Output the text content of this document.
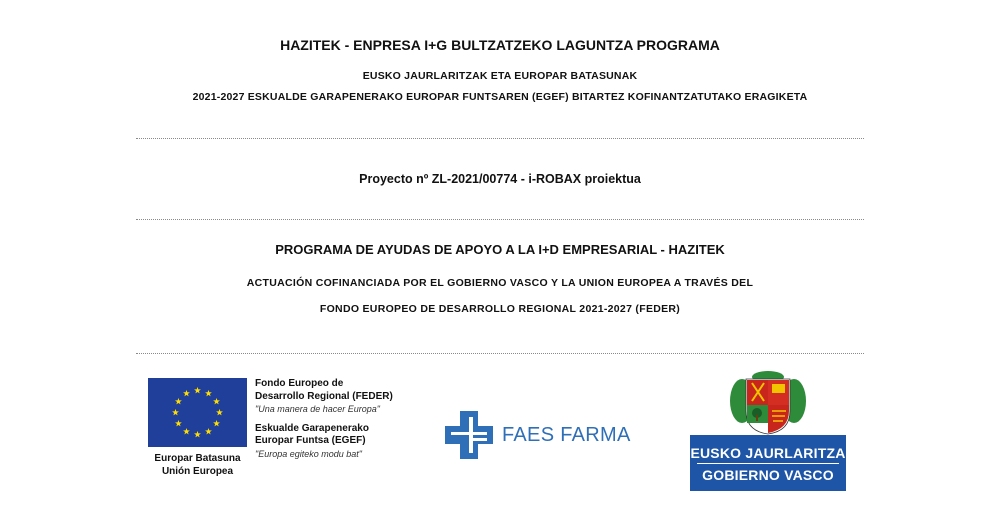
HAZITEK - ENPRESA I+G BULTZATZEKO LAGUNTZA PROGRAMA
EUSKO JAURLARITZAK ETA EUROPAR BATASUNAK
2021-2027 ESKUALDE GARAPENERAKO EUROPAR FUNTSAREN (EGEF) BITARTEZ KOFINANTZATUTAKO ERAGIKETA
Proyecto nº ZL-2021/00774 - i-ROBAX proiektua
PROGRAMA DE AYUDAS DE APOYO A LA I+D EMPRESARIAL - HAZITEK
ACTUACIÓN COFINANCIADA POR EL GOBIERNO VASCO Y LA UNION EUROPEA A TRAVÉS DEL
FONDO EUROPEO DE DESARROLLO REGIONAL 2021-2027 (FEDER)
Europar Batasuna
Unión Europea
Fondo Europeo de
Desarrollo Regional (FEDER)
"Una manera de hacer Europa"
Eskualde Garapenerako
Europar Funtsa (EGEF)
"Europa egiteko modu bat"
FAES FARMA
EUSKO JAURLARITZA
GOBIERNO VASCO
